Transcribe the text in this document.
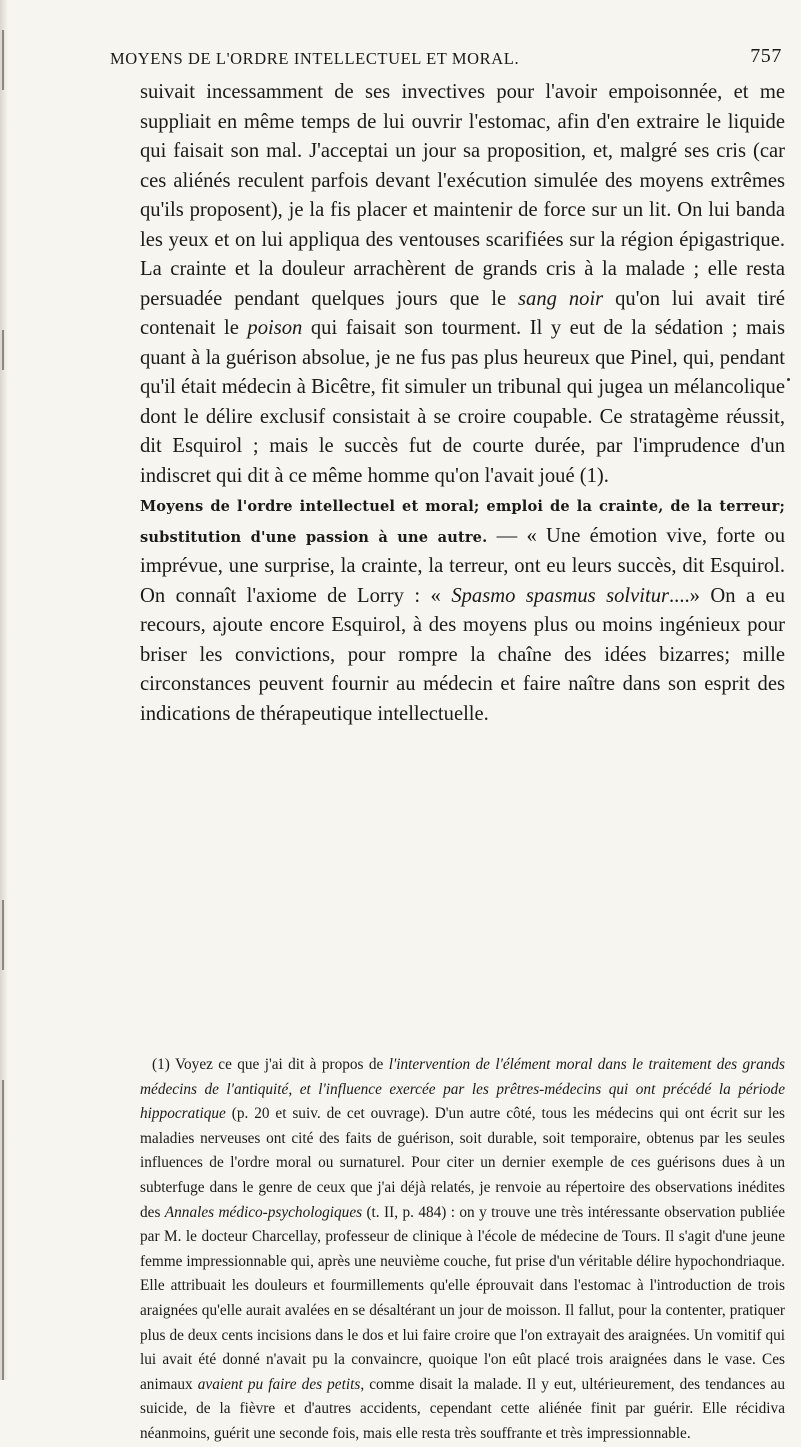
MOYENS DE L'ORDRE INTELLECTUEL ET MORAL.	757

suivait incessamment de ses invectives pour l'avoir empoisonnée, et me suppliait en même temps de lui ouvrir l'estomac, afin d'en extraire le liquide qui faisait son mal. J'acceptai un jour sa proposition, et, malgré ses cris (car ces aliénés reculent parfois devant l'exécution simulée des moyens extrêmes qu'ils proposent), je la fis placer et maintenir de force sur un lit. On lui banda les yeux et on lui appliqua des ventouses scarifiées sur la région épigastrique. La crainte et la douleur arrachèrent de grands cris à la malade ; elle resta persuadée pendant quelques jours que le sang noir qu'on lui avait tiré contenait le poison qui faisait son tourment. Il y eut de la sédation ; mais quant à la guérison absolue, je ne fus pas plus heureux que Pinel, qui, pendant qu'il était médecin à Bicêtre, fit simuler un tribunal qui jugea un mélancolique dont le délire exclusif consistait à se croire coupable. Ce stratagème réussit, dit Esquirol ; mais le succès fut de courte durée, par l'imprudence d'un indiscret qui dit à ce même homme qu'on l'avait joué (1).

Moyens de l'ordre intellectuel et moral; emploi de la crainte, de la terreur; substitution d'une passion à une autre. — « Une émotion vive, forte ou imprévue, une surprise, la crainte, la terreur, ont eu leurs succès, dit Esquirol. On connaît l'axiome de Lorry : « Spasmo spasmus solvitur....» On a eu recours, ajoute encore Esquirol, à des moyens plus ou moins ingénieux pour briser les convictions, pour rompre la chaîne des idées bizarres; mille circonstances peuvent fournir au médecin et faire naître dans son esprit des indications de thérapeutique intellectuelle.

(1) Voyez ce que j'ai dit à propos de l'intervention de l'élément moral dans le traitement des grands médecins de l'antiquité, et l'influence exercée par les prêtres-médecins qui ont précédé la période hippocratique (p. 20 et suiv. de cet ouvrage). D'un autre côté, tous les médecins qui ont écrit sur les maladies nerveuses ont cité des faits de guérison, soit durable, soit temporaire, obtenus par les seules influences de l'ordre moral ou surnaturel. Pour citer un dernier exemple de ces guérisons dues à un subterfuge dans le genre de ceux que j'ai déjà relatés, je renvoie au répertoire des observations inédites des Annales médico-psychologiques (t. II, p. 484) : on y trouve une très intéressante observation publiée par M. le docteur Charcellay, professeur de clinique à l'école de médecine de Tours. Il s'agit d'une jeune femme impressionnable qui, après une neuvième couche, fut prise d'un véritable délire hypochondriaque. Elle attribuait les douleurs et fourmillements qu'elle éprouvait dans l'estomac à l'introduction de trois araignées qu'elle aurait avalées en se désaltérant un jour de moisson. Il fallut, pour la contenter, pratiquer plus de deux cents incisions dans le dos et lui faire croire que l'on extrayait des araignées. Un vomitif qui lui avait été donné n'avait pu la convaincre, quoique l'on eût placé trois araignées dans le vase. Ces animaux avaient pu faire des petits, comme disait la malade. Il y eut, ultérieurement, des tendances au suicide, de la fièvre et d'autres accidents, cependant cette aliénée finit par guérir. Elle récidiva néanmoins, guérit une seconde fois, mais elle resta très souffrante et très impressionnable.
